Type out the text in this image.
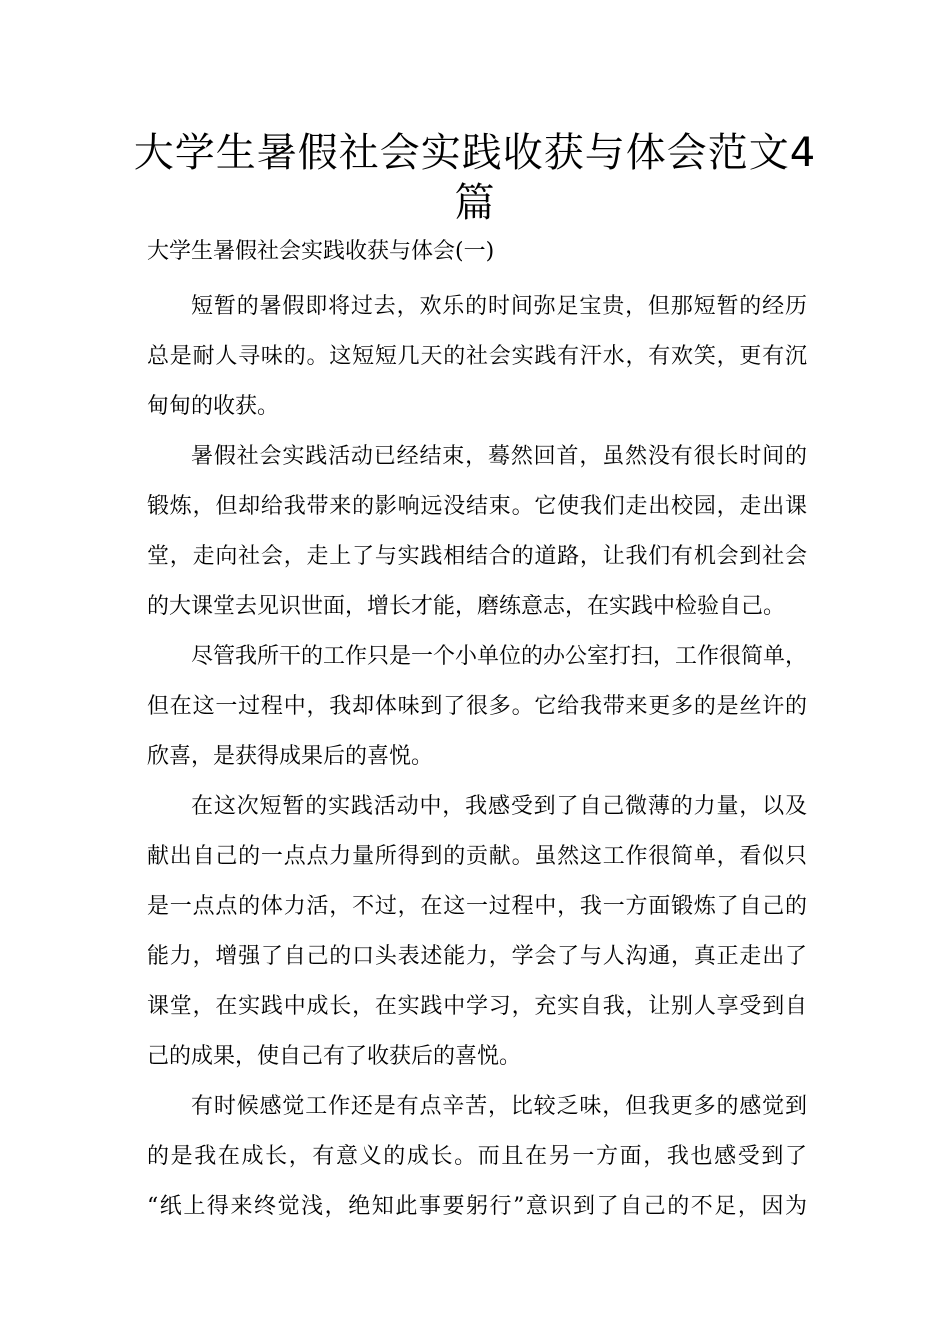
大学生暑假社会实践收获与体会范文4
篇
大学生暑假社会实践收获与体会(一)

短暂的暑假即将过去，欢乐的时间弥足宝贵，但那短暂的经历
总是耐人寻味的。这短短几天的社会实践有汗水，有欢笑，更有沉
甸甸的收获。

暑假社会实践活动已经结束，蓦然回首，虽然没有很长时间的
锻炼，但却给我带来的影响远没结束。它使我们走出校园，走出课
堂，走向社会，走上了与实践相结合的道路，让我们有机会到社会
的大课堂去见识世面，增长才能，磨练意志，在实践中检验自己。

尽管我所干的工作只是一个小单位的办公室打扫，工作很简单，
但在这一过程中，我却体味到了很多。它给我带来更多的是丝许的
欣喜，是获得成果后的喜悦。

在这次短暂的实践活动中，我感受到了自己微薄的力量，以及
献出自己的一点点力量所得到的贡献。虽然这工作很简单，看似只
是一点点的体力活，不过，在这一过程中，我一方面锻炼了自己的
能力，增强了自己的口头表述能力，学会了与人沟通，真正走出了
课堂，在实践中成长，在实践中学习，充实自我，让别人享受到自
己的成果，使自己有了收获后的喜悦。

有时候感觉工作还是有点辛苦，比较乏味，但我更多的感觉到
的是我在成长，有意义的成长。而且在另一方面，我也感受到了
“纸上得来终觉浅，绝知此事要躬行”意识到了自己的不足，因为
